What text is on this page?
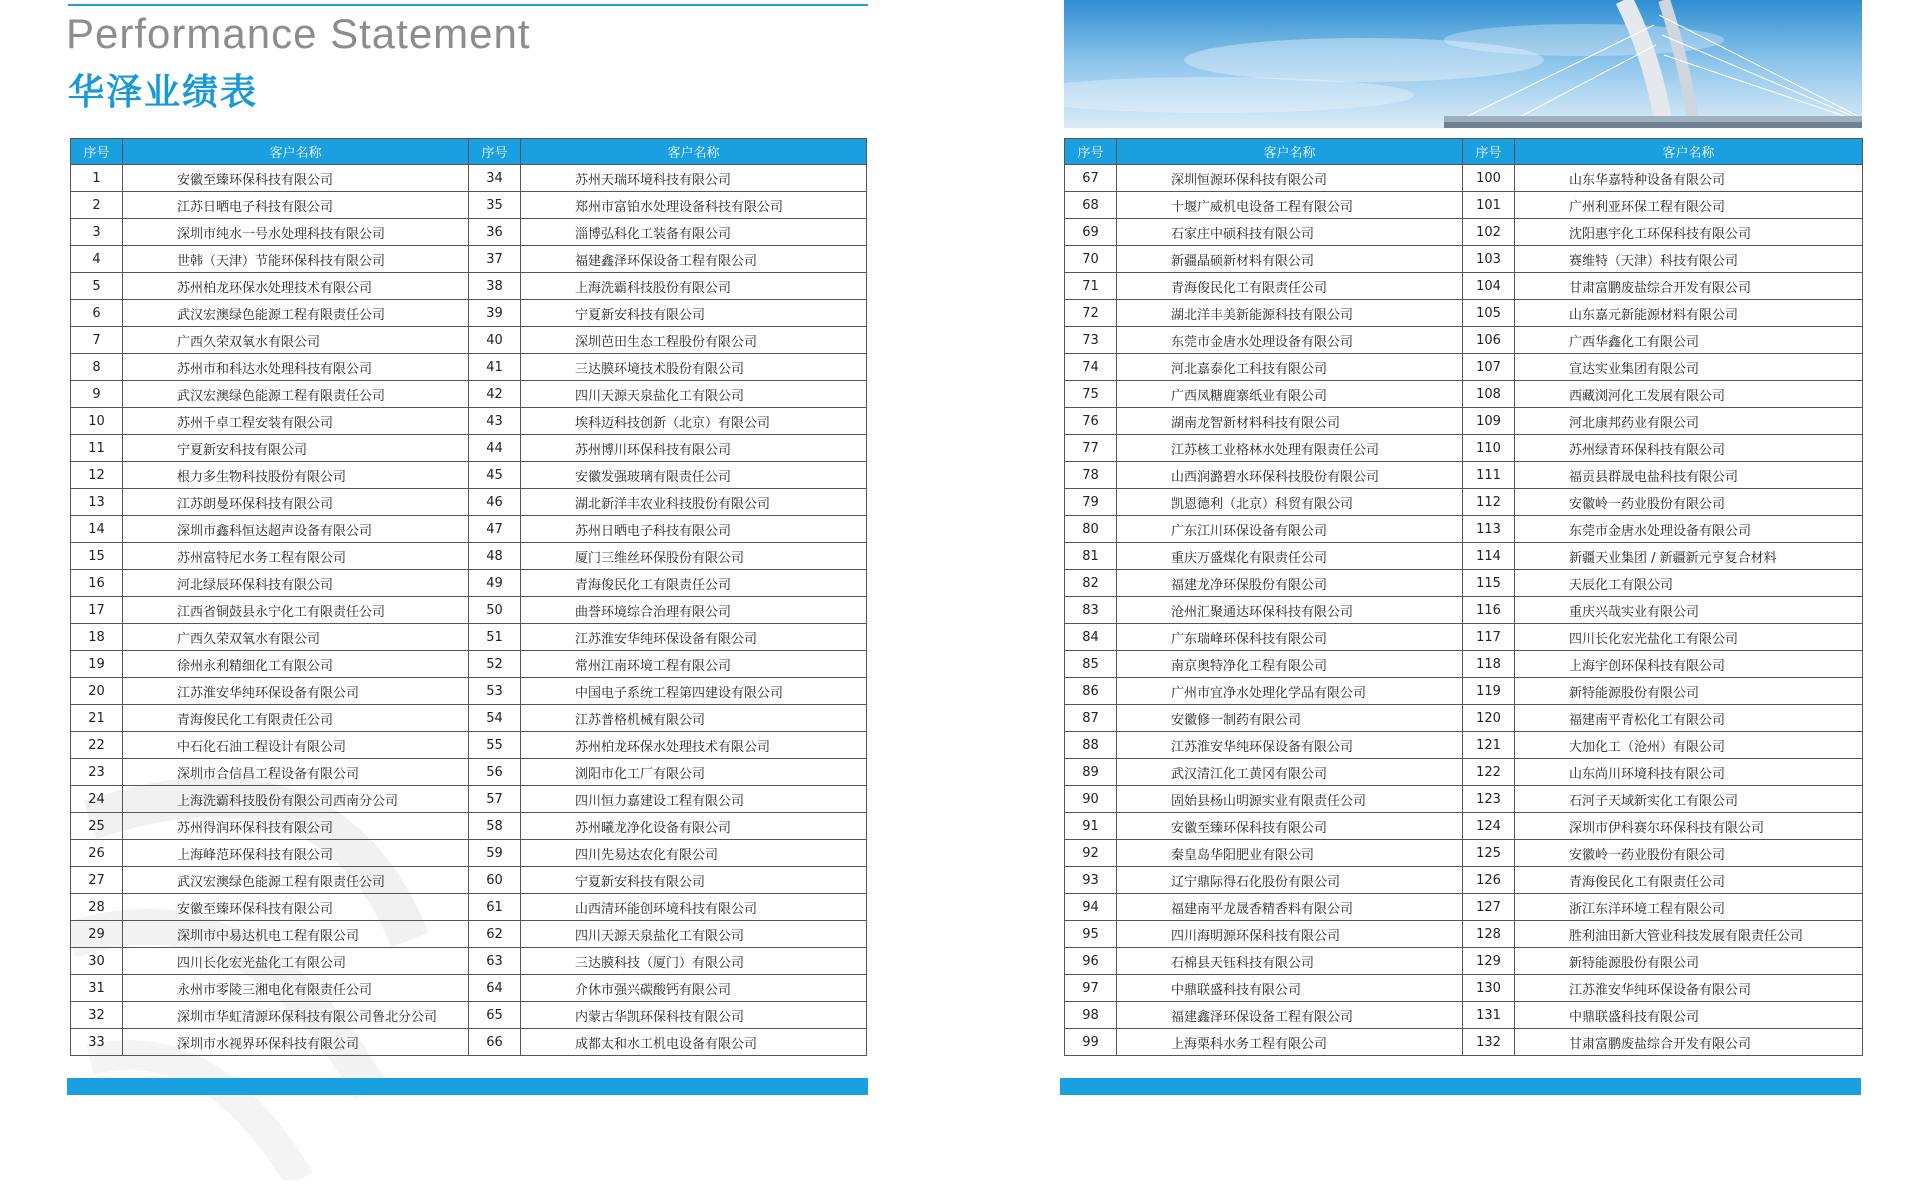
Performance Statement
华泽业绩表
序号	客户名称	序号	客户名称
1	安徽至臻环保科技有限公司	34	苏州天瑞环境科技有限公司
2	江苏日晒电子科技有限公司	35	郑州市富铂水处理设备科技有限公司
3	深圳市纯水一号水处理科技有限公司	36	淄博弘科化工装备有限公司
4	世韩（天津）节能环保科技有限公司	37	福建鑫泽环保设备工程有限公司
5	苏州柏龙环保水处理技术有限公司	38	上海洗霸科技股份有限公司
6	武汉宏澳绿色能源工程有限责任公司	39	宁夏新安科技有限公司
7	广西久荣双氧水有限公司	40	深圳芭田生态工程股份有限公司
8	苏州市和科达水处理科技有限公司	41	三达膜环境技术股份有限公司
9	武汉宏澳绿色能源工程有限责任公司	42	四川天源天泉盐化工有限公司
10	苏州千卓工程安装有限公司	43	埃科迈科技创新（北京）有限公司
11	宁夏新安科技有限公司	44	苏州博川环保科技有限公司
12	根力多生物科技股份有限公司	45	安徽发强玻璃有限责任公司
13	江苏朗曼环保科技有限公司	46	湖北新洋丰农业科技股份有限公司
14	深圳市鑫科恒达超声设备有限公司	47	苏州日晒电子科技有限公司
15	苏州富特尼水务工程有限公司	48	厦门三维丝环保股份有限公司
16	河北绿辰环保科技有限公司	49	青海俊民化工有限责任公司
17	江西省铜鼓县永宁化工有限责任公司	50	曲誉环境综合治理有限公司
18	广西久荣双氧水有限公司	51	江苏淮安华纯环保设备有限公司
19	徐州永利精细化工有限公司	52	常州江南环境工程有限公司
20	江苏淮安华纯环保设备有限公司	53	中国电子系统工程第四建设有限公司
21	青海俊民化工有限责任公司	54	江苏普格机械有限公司
22	中石化石油工程设计有限公司	55	苏州柏龙环保水处理技术有限公司
23	深圳市合信昌工程设备有限公司	56	浏阳市化工厂有限公司
24	上海洗霸科技股份有限公司西南分公司	57	四川恒力嘉建设工程有限公司
25	苏州得润环保科技有限公司	58	苏州曦龙净化设备有限公司
26	上海峰范环保科技有限公司	59	四川先易达农化有限公司
27	武汉宏澳绿色能源工程有限责任公司	60	宁夏新安科技有限公司
28	安徽至臻环保科技有限公司	61	山西清环能创环境科技有限公司
29	深圳市中易达机电工程有限公司	62	四川天源天泉盐化工有限公司
30	四川长化宏光盐化工有限公司	63	三达膜科技（厦门）有限公司
31	永州市零陵三湘电化有限责任公司	64	介休市强兴碳酸钙有限公司
32	深圳市华虹清源环保科技有限公司鲁北分公司	65	内蒙古华凯环保科技有限公司
33	深圳市水视界环保科技有限公司	66	成都太和水工机电设备有限公司
序号	客户名称	序号	客户名称
67	深圳恒源环保科技有限公司	100	山东华嘉特种设备有限公司
68	十堰广威机电设备工程有限公司	101	广州利亚环保工程有限公司
69	石家庄中硕科技有限公司	102	沈阳惠宇化工环保科技有限公司
70	新疆晶硕新材料有限公司	103	赛维特（天津）科技有限公司
71	青海俊民化工有限责任公司	104	甘肃富鹏废盐综合开发有限公司
72	湖北洋丰美新能源科技有限公司	105	山东嘉元新能源材料有限公司
73	东莞市金唐水处理设备有限公司	106	广西华鑫化工有限公司
74	河北嘉泰化工科技有限公司	107	宣达实业集团有限公司
75	广西凤糖鹿寨纸业有限公司	108	西藏浏河化工发展有限公司
76	湖南龙智新材料科技有限公司	109	河北康邦药业有限公司
77	江苏核工业格林水处理有限责任公司	110	苏州绿青环保科技有限公司
78	山西润潞碧水环保科技股份有限公司	111	福贡县群晟电盐科技有限公司
79	凯恩德利（北京）科贸有限公司	112	安徽岭一药业股份有限公司
80	广东江川环保设备有限公司	113	东莞市金唐水处理设备有限公司
81	重庆万盛煤化有限责任公司	114	新疆天业集团 / 新疆新元亨复合材料
82	福建龙净环保股份有限公司	115	天辰化工有限公司
83	沧州汇聚通达环保科技有限公司	116	重庆兴哉实业有限公司
84	广东瑞峰环保科技有限公司	117	四川长化宏光盐化工有限公司
85	南京奥特净化工程有限公司	118	上海宇创环保科技有限公司
86	广州市宜净水处理化学品有限公司	119	新特能源股份有限公司
87	安徽修一制药有限公司	120	福建南平青松化工有限公司
88	江苏淮安华纯环保设备有限公司	121	大加化工（沧州）有限公司
89	武汉清江化工黄冈有限公司	122	山东尚川环境科技有限公司
90	固始县杨山明源实业有限责任公司	123	石河子天域新实化工有限公司
91	安徽至臻环保科技有限公司	124	深圳市伊科赛尔环保科技有限公司
92	秦皇岛华阳肥业有限公司	125	安徽岭一药业股份有限公司
93	辽宁鼎际得石化股份有限公司	126	青海俊民化工有限责任公司
94	福建南平龙晟香精香料有限公司	127	浙江东洋环境工程有限公司
95	四川海明源环保科技有限公司	128	胜利油田新大管业科技发展有限责任公司
96	石棉县天钰科技有限公司	129	新特能源股份有限公司
97	中鼎联盛科技有限公司	130	江苏淮安华纯环保设备有限公司
98	福建鑫泽环保设备工程有限公司	131	中鼎联盛科技有限公司
99	上海栗科水务工程有限公司	132	甘肃富鹏废盐综合开发有限公司
